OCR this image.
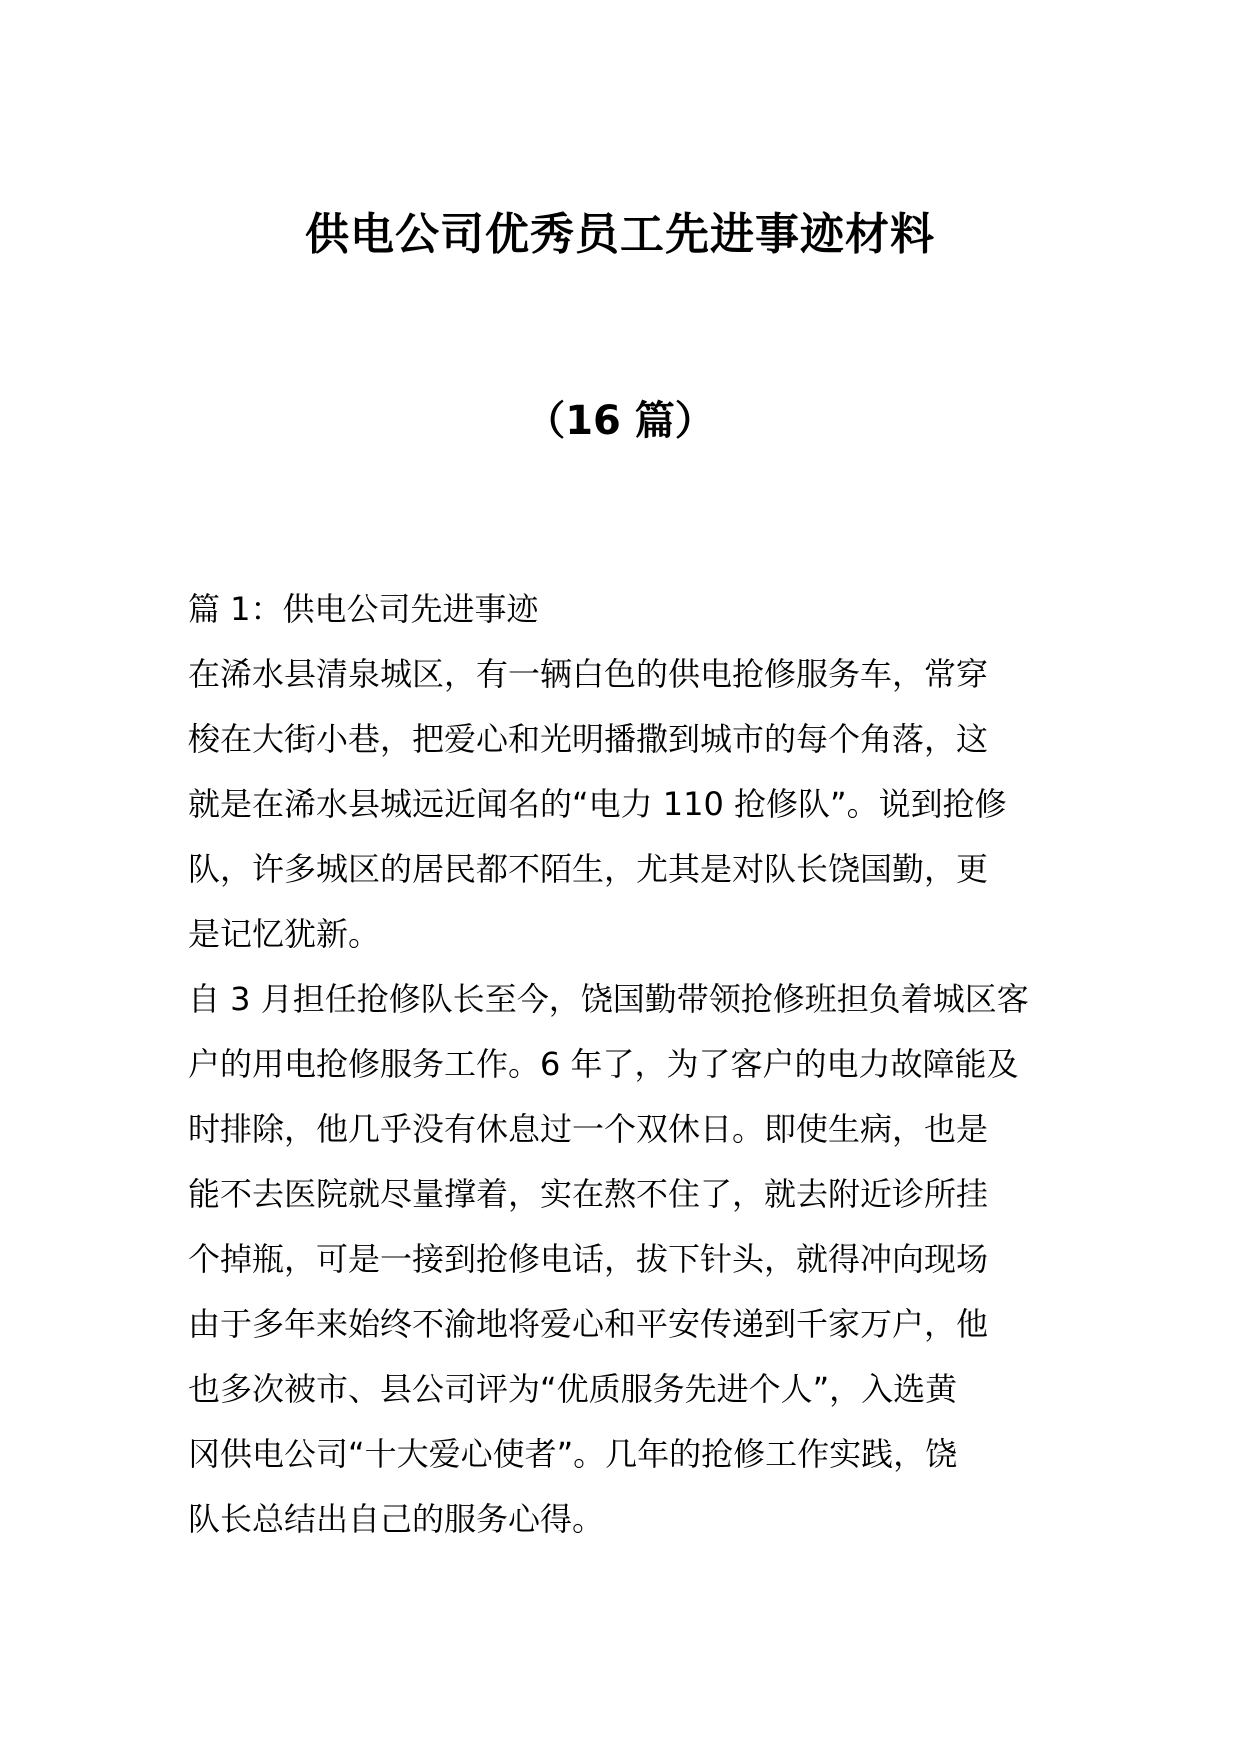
供电公司优秀员工先进事迹材料
（16 篇）
篇 1：供电公司先进事迹
在浠水县清泉城区，有一辆白色的供电抢修服务车，常穿
梭在大街小巷，把爱心和光明播撒到城市的每个角落，这
就是在浠水县城远近闻名的“电力 110 抢修队”。说到抢修
队，许多城区的居民都不陌生，尤其是对队长饶国勤，更
是记忆犹新。
自 3 月担任抢修队长至今，饶国勤带领抢修班担负着城区客
户的用电抢修服务工作。6 年了，为了客户的电力故障能及
时排除，他几乎没有休息过一个双休日。即使生病，也是
能不去医院就尽量撑着，实在熬不住了，就去附近诊所挂
个掉瓶，可是一接到抢修电话，拔下针头，就得冲向现场
由于多年来始终不渝地将爱心和平安传递到千家万户，他
也多次被市、县公司评为“优质服务先进个人”，入选黄
冈供电公司“十大爱心使者”。几年的抢修工作实践，饶
队长总结出自己的服务心得。
